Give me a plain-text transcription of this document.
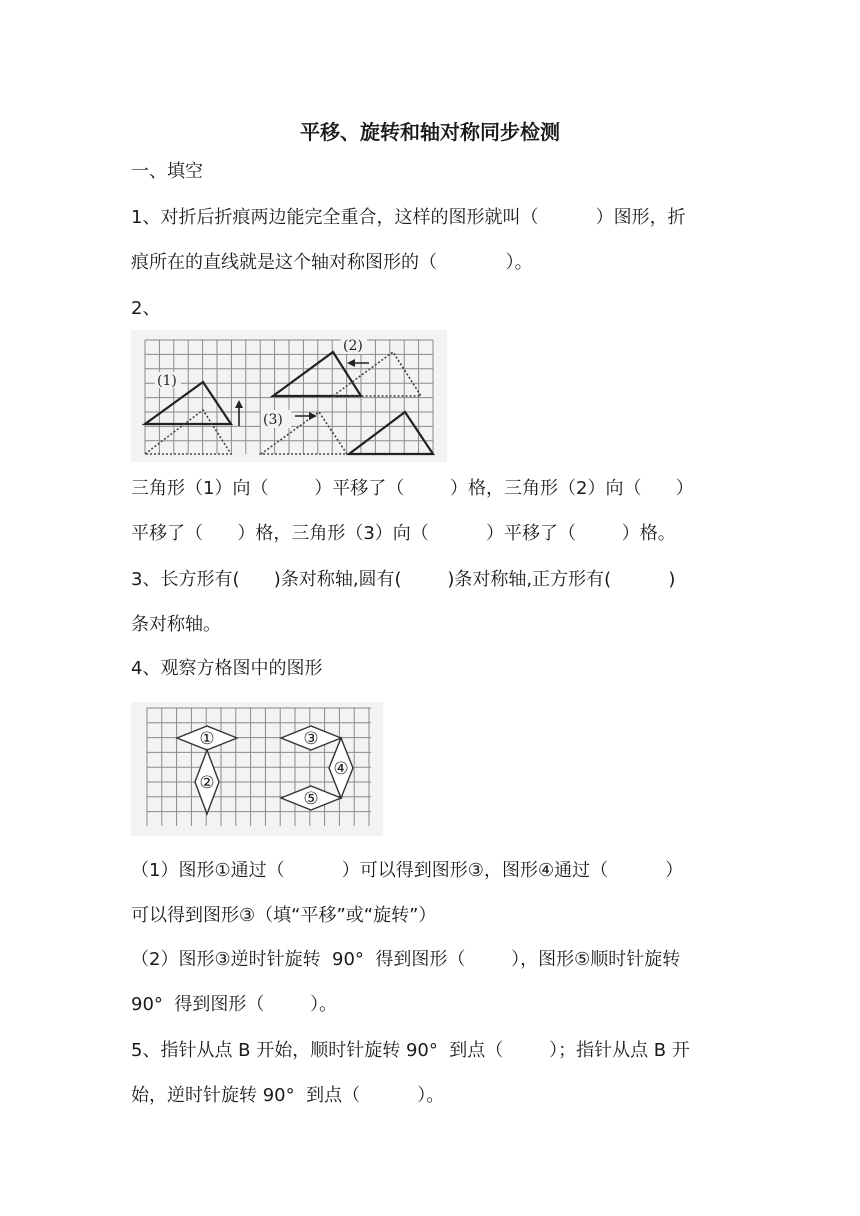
平移、旋转和轴对称同步检测
一、填空
1、对折后折痕两边能完全重合，这样的图形就叫（          ）图形，折
痕所在的直线就是这个轴对称图形的（            ）。
2、
(1)
(2)
(3)
三角形（1）向（        ）平移了（        ）格，三角形（2）向（      ）
平移了（      ）格，三角形（3）向（          ）平移了（        ）格。
3、长方形有(      )条对称轴,圆有(        )条对称轴,正方形有(          )
条对称轴。
4、观察方格图中的图形
①
②
③
④
⑤
（1）图形①通过（          ）可以得到图形③，图形④通过（          ）
可以得到图形③（填“平移”或“旋转”）
（2）图形③逆时针旋转  90°  得到图形（        ），图形⑤顺时针旋转
90°  得到图形（        ）。
5、指针从点 B 开始，顺时针旋转 90°  到点（        ）；指针从点 B 开
始，逆时针旋转 90°  到点（          ）。
